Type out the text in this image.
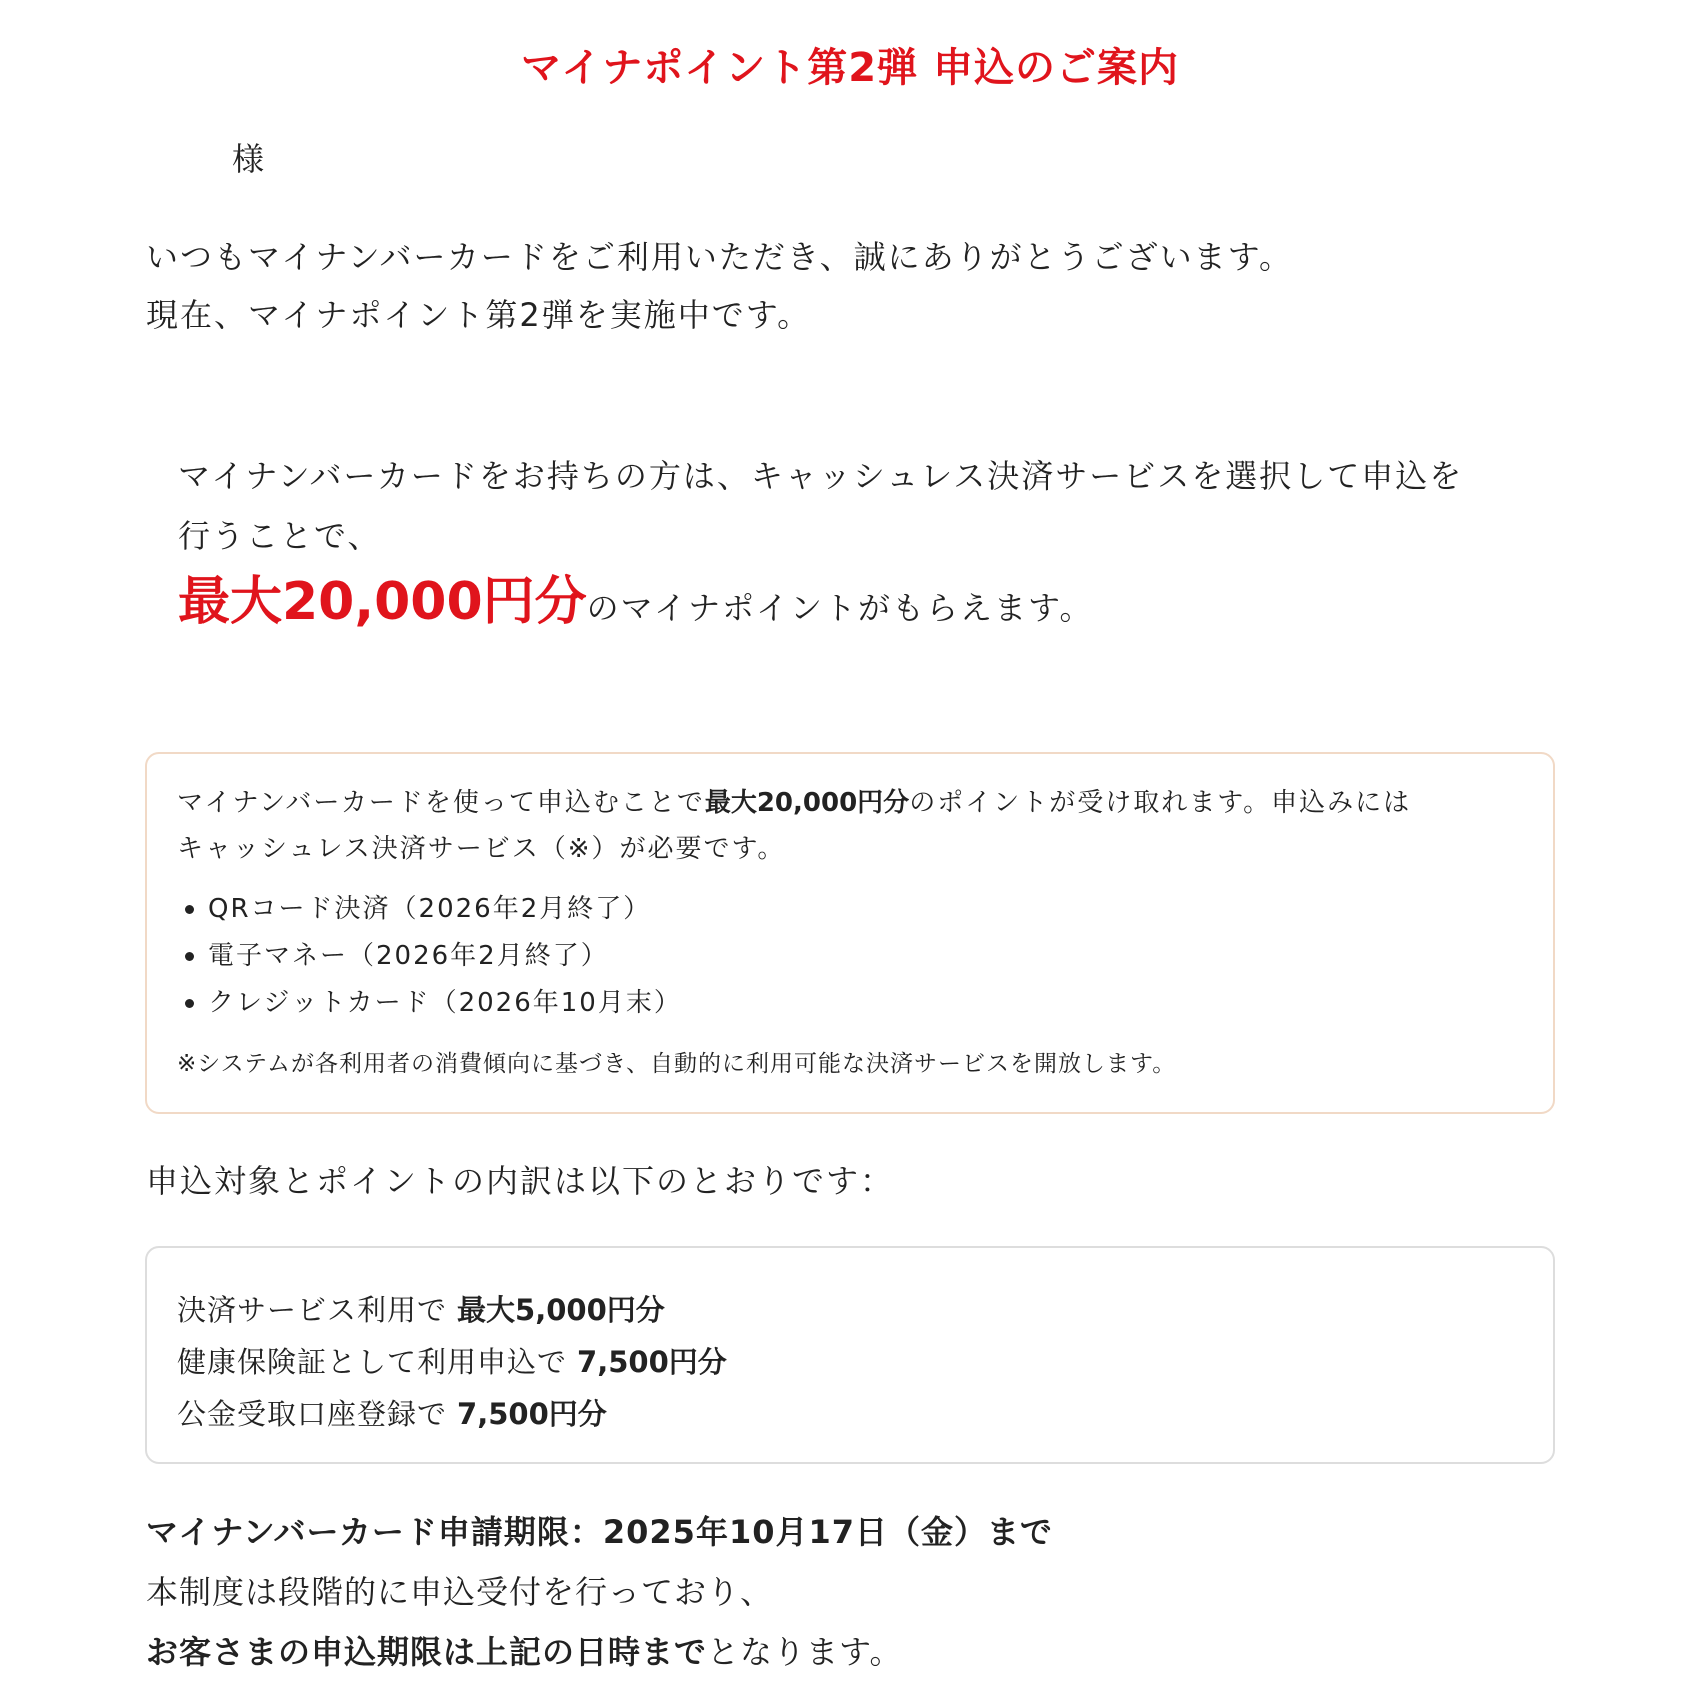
マイナポイント第2弾 申込のご案内
様
いつもマイナンバーカードをご利用いただき、誠にありがとうございます。
現在、マイナポイント第2弾を実施中です。
マイナンバーカードをお持ちの方は、キャッシュレス決済サービスを選択して申込を
行うことで、
最大20,000円分 のマイナポイントがもらえます。
マイナンバーカードを使って申込むことで最大20,000円分のポイントが受け取れます。申込みには
キャッシュレス決済サービス（※）が必要です。
QRコード決済（2026年2月終了）
電子マネー（2026年2月終了）
クレジットカード（2026年10月末）
※システムが各利用者の消費傾向に基づき、自動的に利用可能な決済サービスを開放します。
申込対象とポイントの内訳は以下のとおりです：
決済サービス利用で 最大5,000円分
健康保険証として利用申込で 7,500円分
公金受取口座登録で 7,500円分
マイナンバーカード申請期限：2025年10月17日（金）まで
本制度は段階的に申込受付を行っており、
お客さまの申込期限は上記の日時までとなります。
